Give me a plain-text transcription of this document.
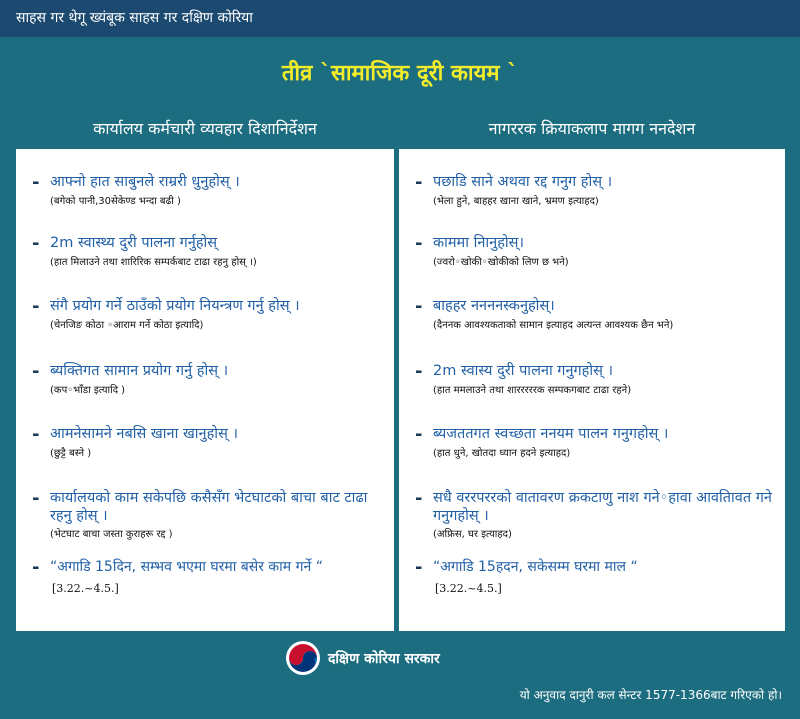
साहस गर थेगू ख्यंबूक साहस गर दक्षिण कोरिया
तीव्र `सामाजिक दूरी कायम `
कार्यालय कर्मचारी व्यवहार दिशानिर्देशन	नागररक क्रियाकलाप मागग ननदेशन
- आफ्नो हात साबुनले राम्ररी धुनुहोस् ।
(बगेको पानी,30सेकेण्ड भन्दा बढी )
- 2m स्वास्थ्य दुरी पालना गर्नुहोस्
(हात मिलाउने तथा शारिरिक सम्पर्कबाट टाढा रहनु होस् ।)
- संगै प्रयोग गर्ने ठाउँको प्रयोग नियन्त्रण गर्नु होस् ।
(चेनजिङ कोठा ◦आराम गर्ने कोठा इत्यादि)
- ब्यक्तिगत सामान प्रयोग गर्नु होस् ।
(कप◦भाँडा इत्यादि )
- आमनेसामने नबसि खाना खानुहोस् ।
(छुट्टै बस्ने )
- कार्यालयको काम सकेपछि कसैसँग भेटघाटको बाचा बाट टाढा रहनु होस् ।
(भेटघाट बाचा जस्ता कुराहरू रद्द )
- “अगाडि 15दिन, सम्भव भएमा घरमा बसेर काम गर्ने “
[3.22.~4.5.]
- पछाडि साने अथवा रद्द गनुग होस् ।
(भेला हुने, बाहहर खाना खाने, भ्रमण इत्याहद)
- काममा निानुहोस्।
(ज्वरो◦खोकी◦खोकीको लिण छ भने)
- बाहहर ननननस्कनुहोस्।
(दैननक आवश्यकताको सामान इत्याहद अत्यन्त आवश्यक छैन भने)
- 2m स्वास्य दुरी पालना गनुगहोस् ।
(हात ममलाउने तथा शारररररक सम्पकगबाट टाढा रहने)
- ब्यजततगत स्वच्छता ननयम पालन गनुगहोस् ।
(हात धुने, खोतदा ध्यान हदने इत्याहद)
- सधै वररपररको वातावरण क्रकटाणु नाश गने◦हावा आवतिावत गने गनुगहोस् ।
(अफ्रिस, घर इत्याहद)
- “अगाडि 15हदन, सकेसम्म घरमा माल “
[3.22.~4.5.]
दक्षिण कोरिया सरकार
यो अनुवाद दानुरी कल सेन्टर 1577-1366बाट गरिएको हो।
